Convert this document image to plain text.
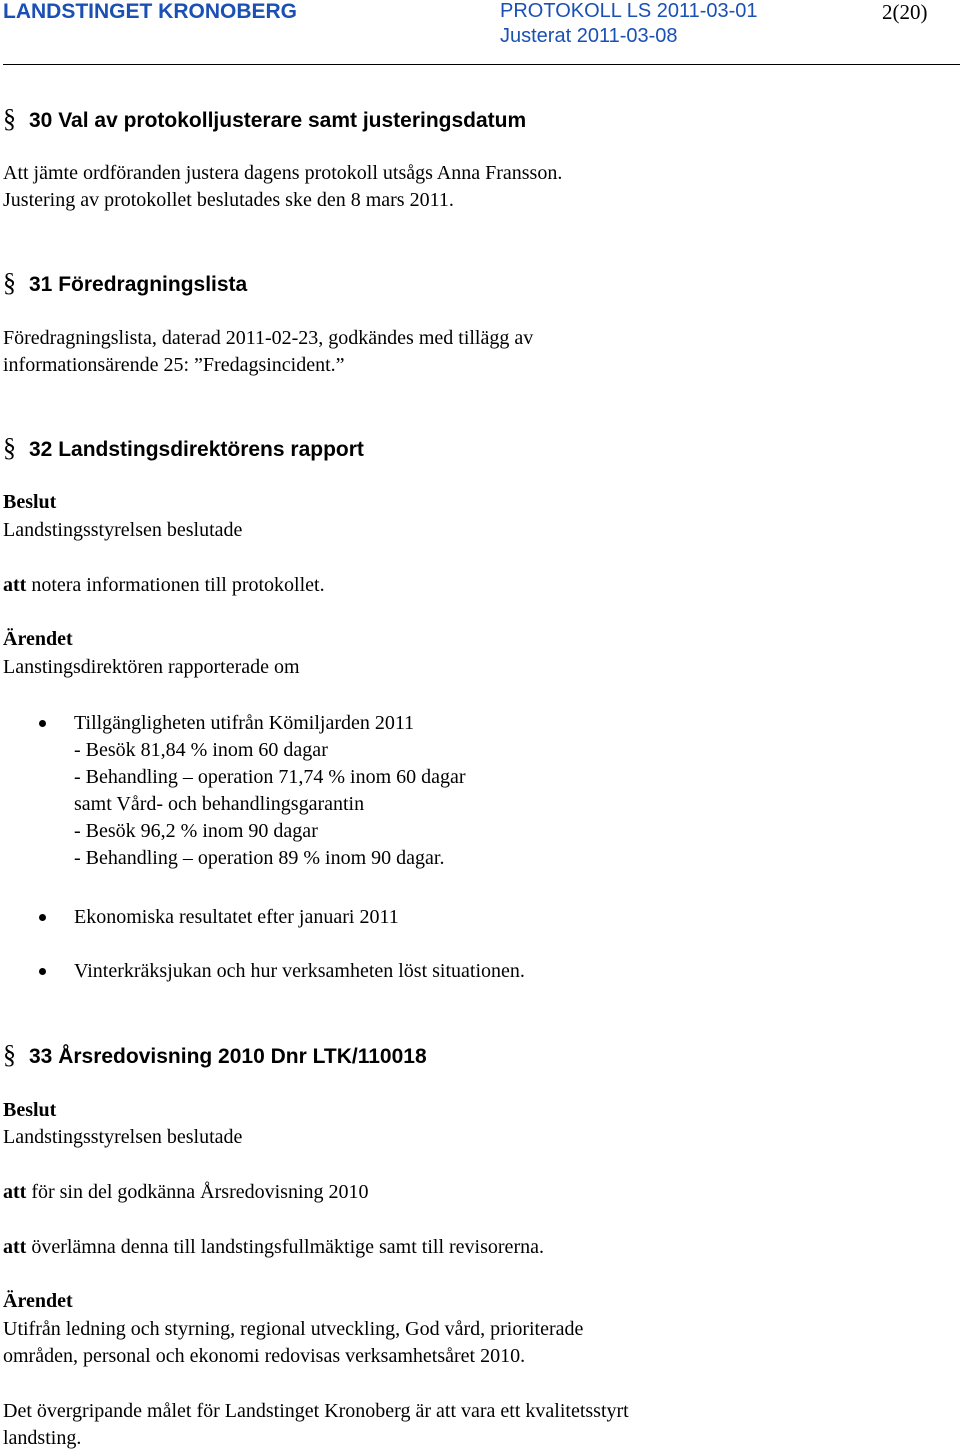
LANDSTINGET KRONOBERG	PROTOKOLL LS 2011-03-01
Justerat 2011-03-08
2(20)
§ 30 Val av protokolljusterare samt justeringsdatum
Att jämte ordföranden justera dagens protokoll utsågs Anna Fransson.
Justering av protokollet beslutades ske den 8 mars 2011.
§ 31 Föredragningslista
Föredragningslista, daterad 2011-02-23, godkändes med tillägg av
informationsärende 25: ”Fredagsincident.”
§ 32 Landstingsdirektörens rapport
Beslut
Landstingsstyrelsen beslutade
att notera informationen till protokollet.
Ärendet
Lanstingsdirektören rapporterade om
Tillgängligheten utifrån Kömiljarden 2011
- Besök 81,84 % inom 60 dagar
- Behandling – operation 71,74 % inom 60 dagar
samt Vård- och behandlingsgarantin
- Besök 96,2 % inom 90 dagar
- Behandling – operation 89 % inom 90 dagar.
Ekonomiska resultatet efter januari 2011
Vinterkräksjukan och hur verksamheten löst situationen.
§ 33 Årsredovisning 2010 Dnr LTK/110018
Beslut
Landstingsstyrelsen beslutade
att för sin del godkänna Årsredovisning 2010
att överlämna denna till landstingsfullmäktige samt till revisorerna.
Ärendet
Utifrån ledning och styrning, regional utveckling, God vård, prioriterade
områden, personal och ekonomi redovisas verksamhetsåret 2010.
Det övergripande målet för Landstinget Kronoberg är att vara ett kvalitetsstyrt
landsting.
